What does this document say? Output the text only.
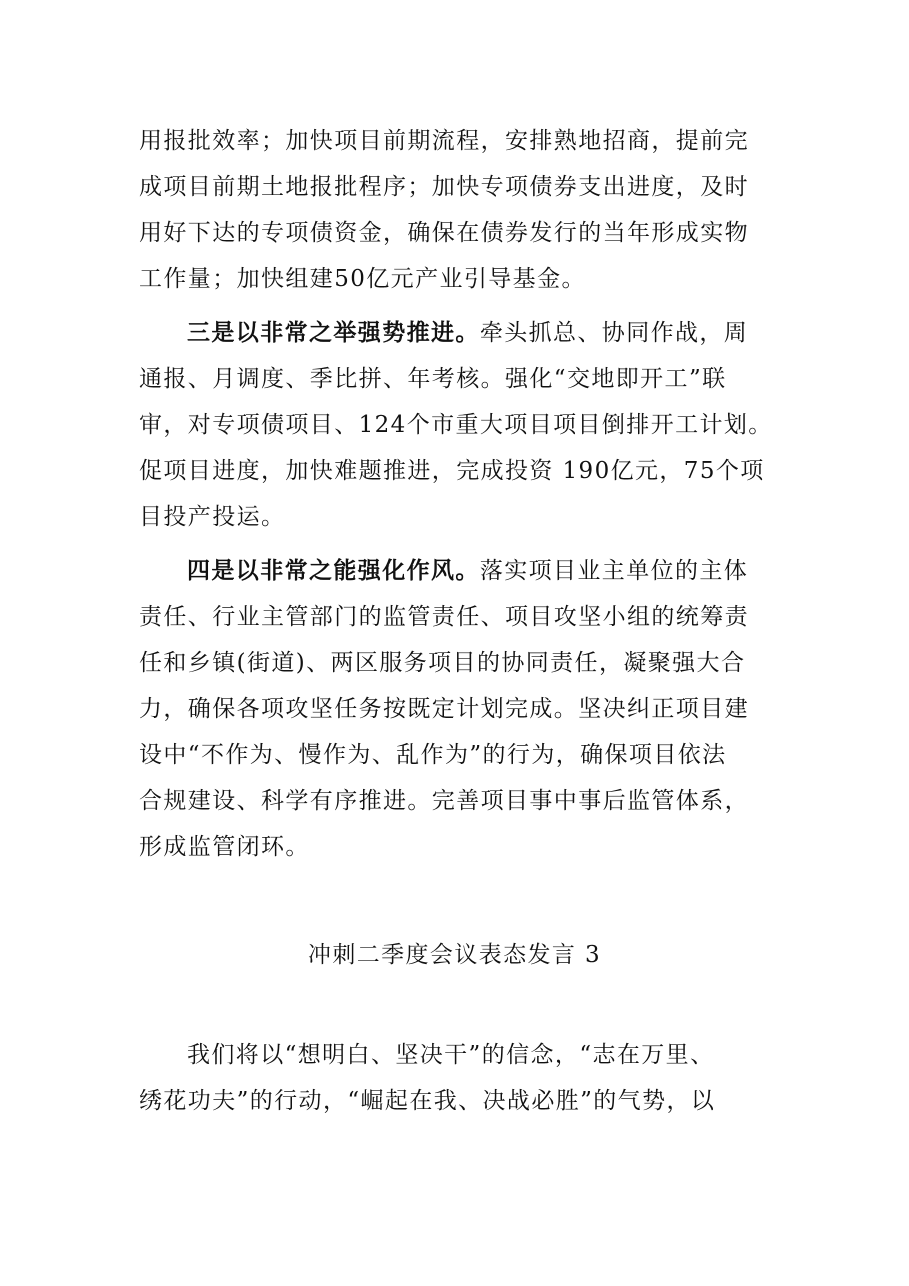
用报批效率；加快项目前期流程，安排熟地招商，提前完
成项目前期土地报批程序；加快专项债券支出进度，及时
用好下达的专项债资金，确保在债券发行的当年形成实物
工作量；加快组建50亿元产业引导基金。

三是以非常之举强势推进。牵头抓总、协同作战，周
通报、月调度、季比拼、年考核。强化“交地即开工”联
审，对专项债项目、124个市重大项目项目倒排开工计划。
促项目进度，加快难题推进，完成投资 190亿元，75个项
目投产投运。

四是以非常之能强化作风。落实项目业主单位的主体
责任、行业主管部门的监管责任、项目攻坚小组的统筹责
任和乡镇(街道)、两区服务项目的协同责任，凝聚强大合
力，确保各项攻坚任务按既定计划完成。坚决纠正项目建
设中“不作为、慢作为、乱作为”的行为，确保项目依法
合规建设、科学有序推进。完善项目事中事后监管体系，
形成监管闭环。

冲刺二季度会议表态发言 3

我们将以“想明白、坚决干”的信念，“志在万里、
绣花功夫”的行动，“崛起在我、决战必胜”的气势，以
